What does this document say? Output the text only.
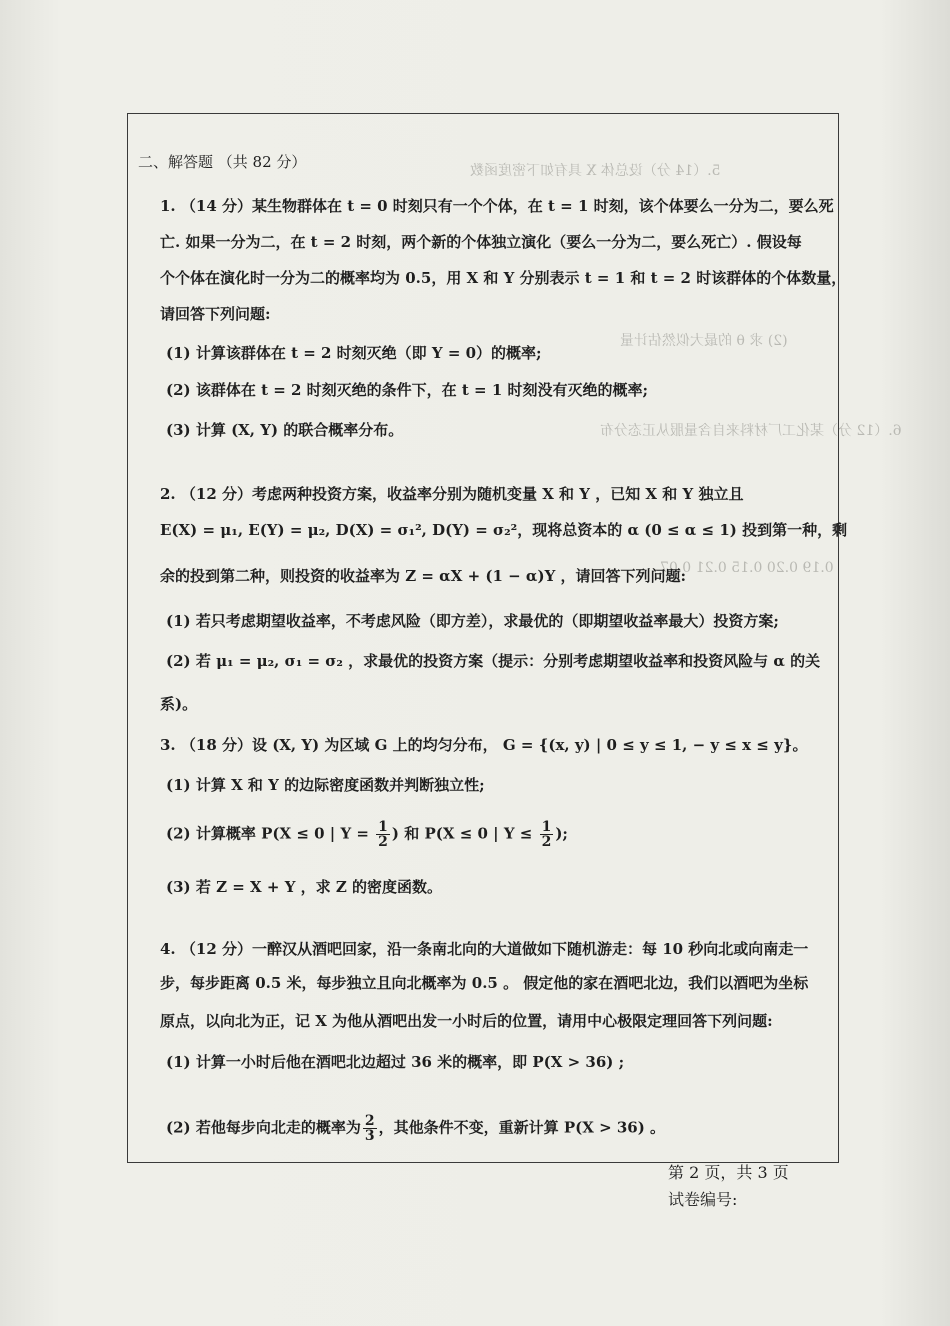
5.（14 分）设总体 X 具有如下密度函数
(2) 求 θ 的最大似然估计量
6.（12 分）某化工厂材料来自含量服从正态分布
0.19 0.20 0.15 0.21 0.07
二、解答题 （共 82 分）
1. （14 分）某生物群体在 t = 0 时刻只有一个个体，在 t = 1 时刻，该个体要么一分为二，要么死
亡. 如果一分为二，在 t = 2 时刻，两个新的个体独立演化（要么一分为二，要么死亡）. 假设每
个个体在演化时一分为二的概率均为 0.5，用 X 和 Y 分别表示 t = 1 和 t = 2 时该群体的个体数量，
请回答下列问题:
(1) 计算该群体在 t = 2 时刻灭绝（即 Y = 0）的概率;
(2) 该群体在 t = 2 时刻灭绝的条件下，在 t = 1 时刻没有灭绝的概率;
(3) 计算 (X, Y) 的联合概率分布。
2. （12 分）考虑两种投资方案，收益率分别为随机变量 X 和 Y ，已知 X 和 Y 独立且
E(X) = μ₁, E(Y) = μ₂, D(X) = σ₁², D(Y) = σ₂²，现将总资本的 α (0 ≤ α ≤ 1) 投到第一种，剩
余的投到第二种，则投资的收益率为 Z = αX + (1 − α)Y ，请回答下列问题:
(1) 若只考虑期望收益率，不考虑风险（即方差），求最优的（即期望收益率最大）投资方案;
(2) 若 μ₁ = μ₂, σ₁ = σ₂ ，求最优的投资方案（提示：分别考虑期望收益率和投资风险与 α 的关
系)。
3. （18 分）设 (X, Y) 为区域 G 上的均匀分布， G = {(x, y) | 0 ≤ y ≤ 1, − y ≤ x ≤ y}。
(1) 计算 X 和 Y 的边际密度函数并判断独立性;
(2) 计算概率 P(X ≤ 0 | $Y = \frac{1}{2}$ ) 和 P(X ≤ 0 | $Y \le \frac{1}{2}$ );
(3) 若 Z = X + Y ，求 Z 的密度函数。
4. （12 分）一醉汉从酒吧回家，沿一条南北向的大道做如下随机游走：每 10 秒向北或向南走一
步，每步距离 0.5 米，每步独立且向北概率为 0.5 。 假定他的家在酒吧北边，我们以酒吧为坐标
原点，以向北为正，记 X 为他从酒吧出发一小时后的位置，请用中心极限定理回答下列问题:
(1) 计算一小时后他在酒吧北边超过 36 米的概率，即 P(X > 36) ;
(2) 若他每步向北走的概率为 $\frac{2}{3}$ ，其他条件不变，重新计算 P(X > 36) 。
第 2 页，共 3 页
试卷编号:
